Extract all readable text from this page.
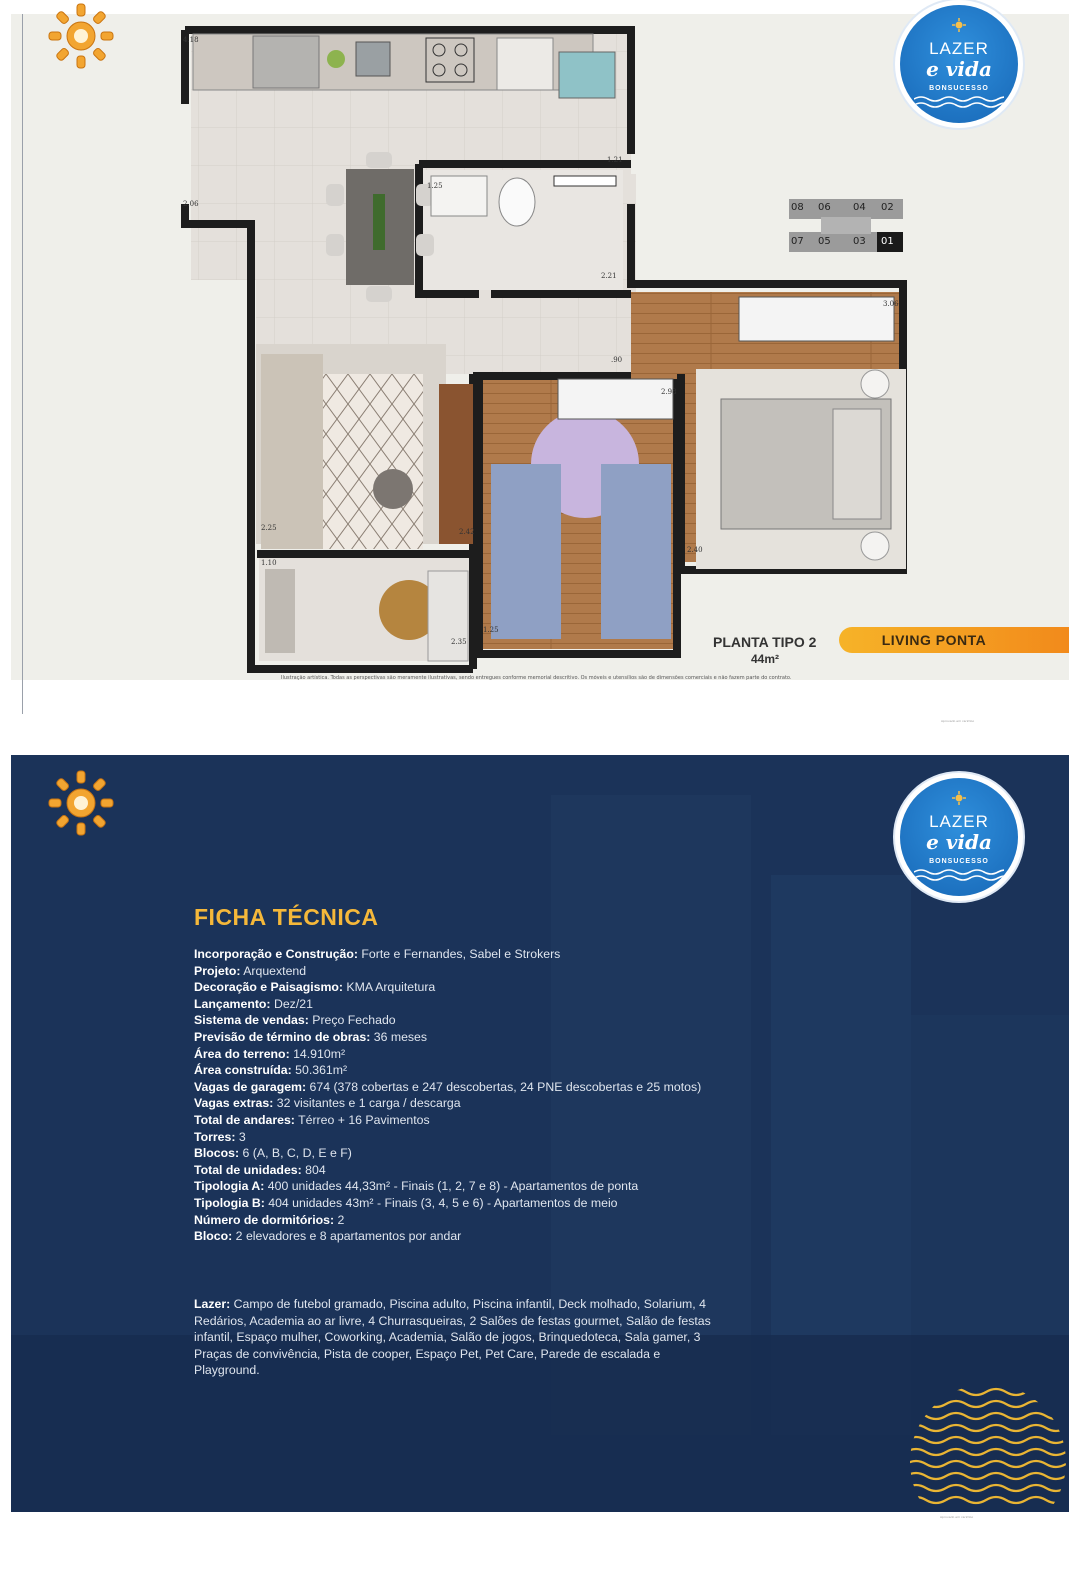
LAZER
e vida
BONSUCESSO
4.18
1.21
2.06
1.25
2.21
3.06
.90
2.98
2.42
2.40
1.10
2.35
2.25
1.25
08 06 04 02
07 05 03 01
PLANTA TIPO 2
44m²
LIVING PONTA
Ilustração artística. Todas as perspectivas são meramente ilustrativas, sendo entregues conforme memorial descritivo. Os móveis e utensílios são de dimensões comerciais e não fazem parte do contrato.
Aprovado em carimbo
LAZER
e vida
BONSUCESSO
FICHA TÉCNICA
Incorporação e Construção: Forte e Fernandes, Sabel e Strokers
Projeto: Arquextend
Decoração e Paisagismo: KMA Arquitetura
Lançamento: Dez/21
Sistema de vendas: Preço Fechado
Previsão de término de obras: 36 meses
Área do terreno: 14.910m²
Área construída: 50.361m²
Vagas de garagem: 674 (378 cobertas e 247 descobertas, 24 PNE descobertas e 25 motos)
Vagas extras: 32 visitantes e 1 carga / descarga
Total de andares: Térreo + 16 Pavimentos
Torres: 3
Blocos: 6 (A, B, C, D, E e F)
Total de unidades: 804
Tipologia A: 400 unidades 44,33m² - Finais (1, 2, 7 e 8) - Apartamentos de ponta
Tipologia B: 404 unidades 43m² - Finais (3, 4, 5 e 6) - Apartamentos de meio
Número de dormitórios: 2
Bloco: 2 elevadores e 8 apartamentos por andar
Lazer: Campo de futebol gramado, Piscina adulto, Piscina infantil, Deck molhado, Solarium, 4 Redários, Academia ao ar livre, 4 Churrasqueiras, 2 Salões de festas gourmet, Salão de festas infantil, Espaço mulher, Coworking, Academia, Salão de jogos, Brinquedoteca, Sala gamer, 3 Praças de convivência, Pista de cooper, Espaço Pet, Pet Care, Parede de escalada e Playground.
Aprovado em carimbo
